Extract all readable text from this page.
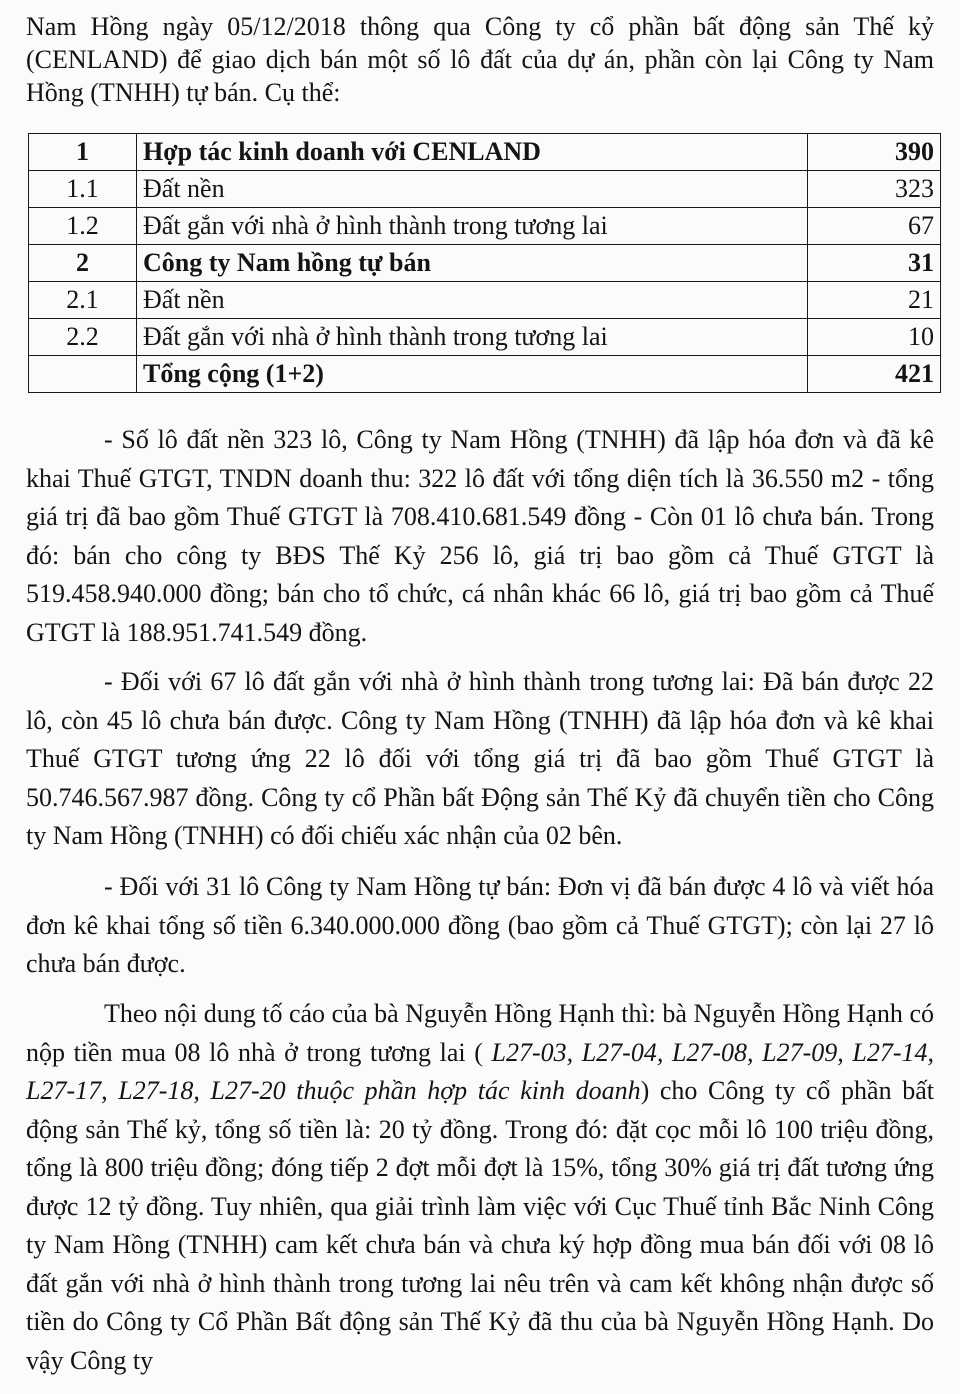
Nam Hồng ngày 05/12/2018 thông qua Công ty cổ phần bất động sản Thế kỷ (CENLAND) để giao dịch bán một số lô đất của dự án, phần còn lại Công ty Nam Hồng (TNHH) tự bán. Cụ thể:

1	Hợp tác kinh doanh với CENLAND	390
1.1	Đất nền	323
1.2	Đất gắn với nhà ở hình thành trong tương lai	67
2	Công ty Nam hồng tự bán	31
2.1	Đất nền	21
2.2	Đất gắn với nhà ở hình thành trong tương lai	10
	Tổng cộng (1+2)	421

- Số lô đất nền 323 lô, Công ty Nam Hồng (TNHH) đã lập hóa đơn và đã kê khai Thuế GTGT, TNDN doanh thu: 322 lô đất với tổng diện tích là 36.550 m2 - tổng giá trị đã bao gồm Thuế GTGT là 708.410.681.549 đồng - Còn 01 lô chưa bán. Trong đó: bán cho công ty BĐS Thế Kỷ 256 lô, giá trị bao gồm cả Thuế GTGT là 519.458.940.000 đồng; bán cho tổ chức, cá nhân khác 66 lô, giá trị bao gồm cả Thuế GTGT là 188.951.741.549 đồng.

- Đối với 67 lô đất gắn với nhà ở hình thành trong tương lai: Đã bán được 22 lô, còn 45 lô chưa bán được. Công ty Nam Hồng (TNHH) đã lập hóa đơn và kê khai Thuế GTGT tương ứng 22 lô đối với tổng giá trị đã bao gồm Thuế GTGT là 50.746.567.987 đồng. Công ty cổ Phần bất Động sản Thế Kỷ đã chuyển tiền cho Công ty Nam Hồng (TNHH) có đối chiếu xác nhận của 02 bên.

- Đối với 31 lô Công ty Nam Hồng tự bán: Đơn vị đã bán được 4 lô và viết hóa đơn kê khai tổng số tiền 6.340.000.000 đồng (bao gồm cả Thuế GTGT); còn lại 27 lô chưa bán được.

Theo nội dung tố cáo của bà Nguyễn Hồng Hạnh thì: bà Nguyễn Hồng Hạnh có nộp tiền mua 08 lô nhà ở trong tương lai ( L27-03, L27-04, L27-08, L27-09, L27-14, L27-17, L27-18, L27-20 thuộc phần hợp tác kinh doanh) cho Công ty cổ phần bất động sản Thế kỷ, tổng số tiền là: 20 tỷ đồng. Trong đó: đặt cọc mỗi lô 100 triệu đồng, tổng là 800 triệu đồng; đóng tiếp 2 đợt mỗi đợt là 15%, tổng 30% giá trị đất tương ứng được 12 tỷ đồng. Tuy nhiên, qua giải trình làm việc với Cục Thuế tỉnh Bắc Ninh Công ty Nam Hồng (TNHH) cam kết chưa bán và chưa ký hợp đồng mua bán đối với 08 lô đất gắn với nhà ở hình thành trong tương lai nêu trên và cam kết không nhận được số tiền do Công ty Cổ Phần Bất động sản Thế Kỷ đã thu của bà Nguyễn Hồng Hạnh. Do vậy Công ty
